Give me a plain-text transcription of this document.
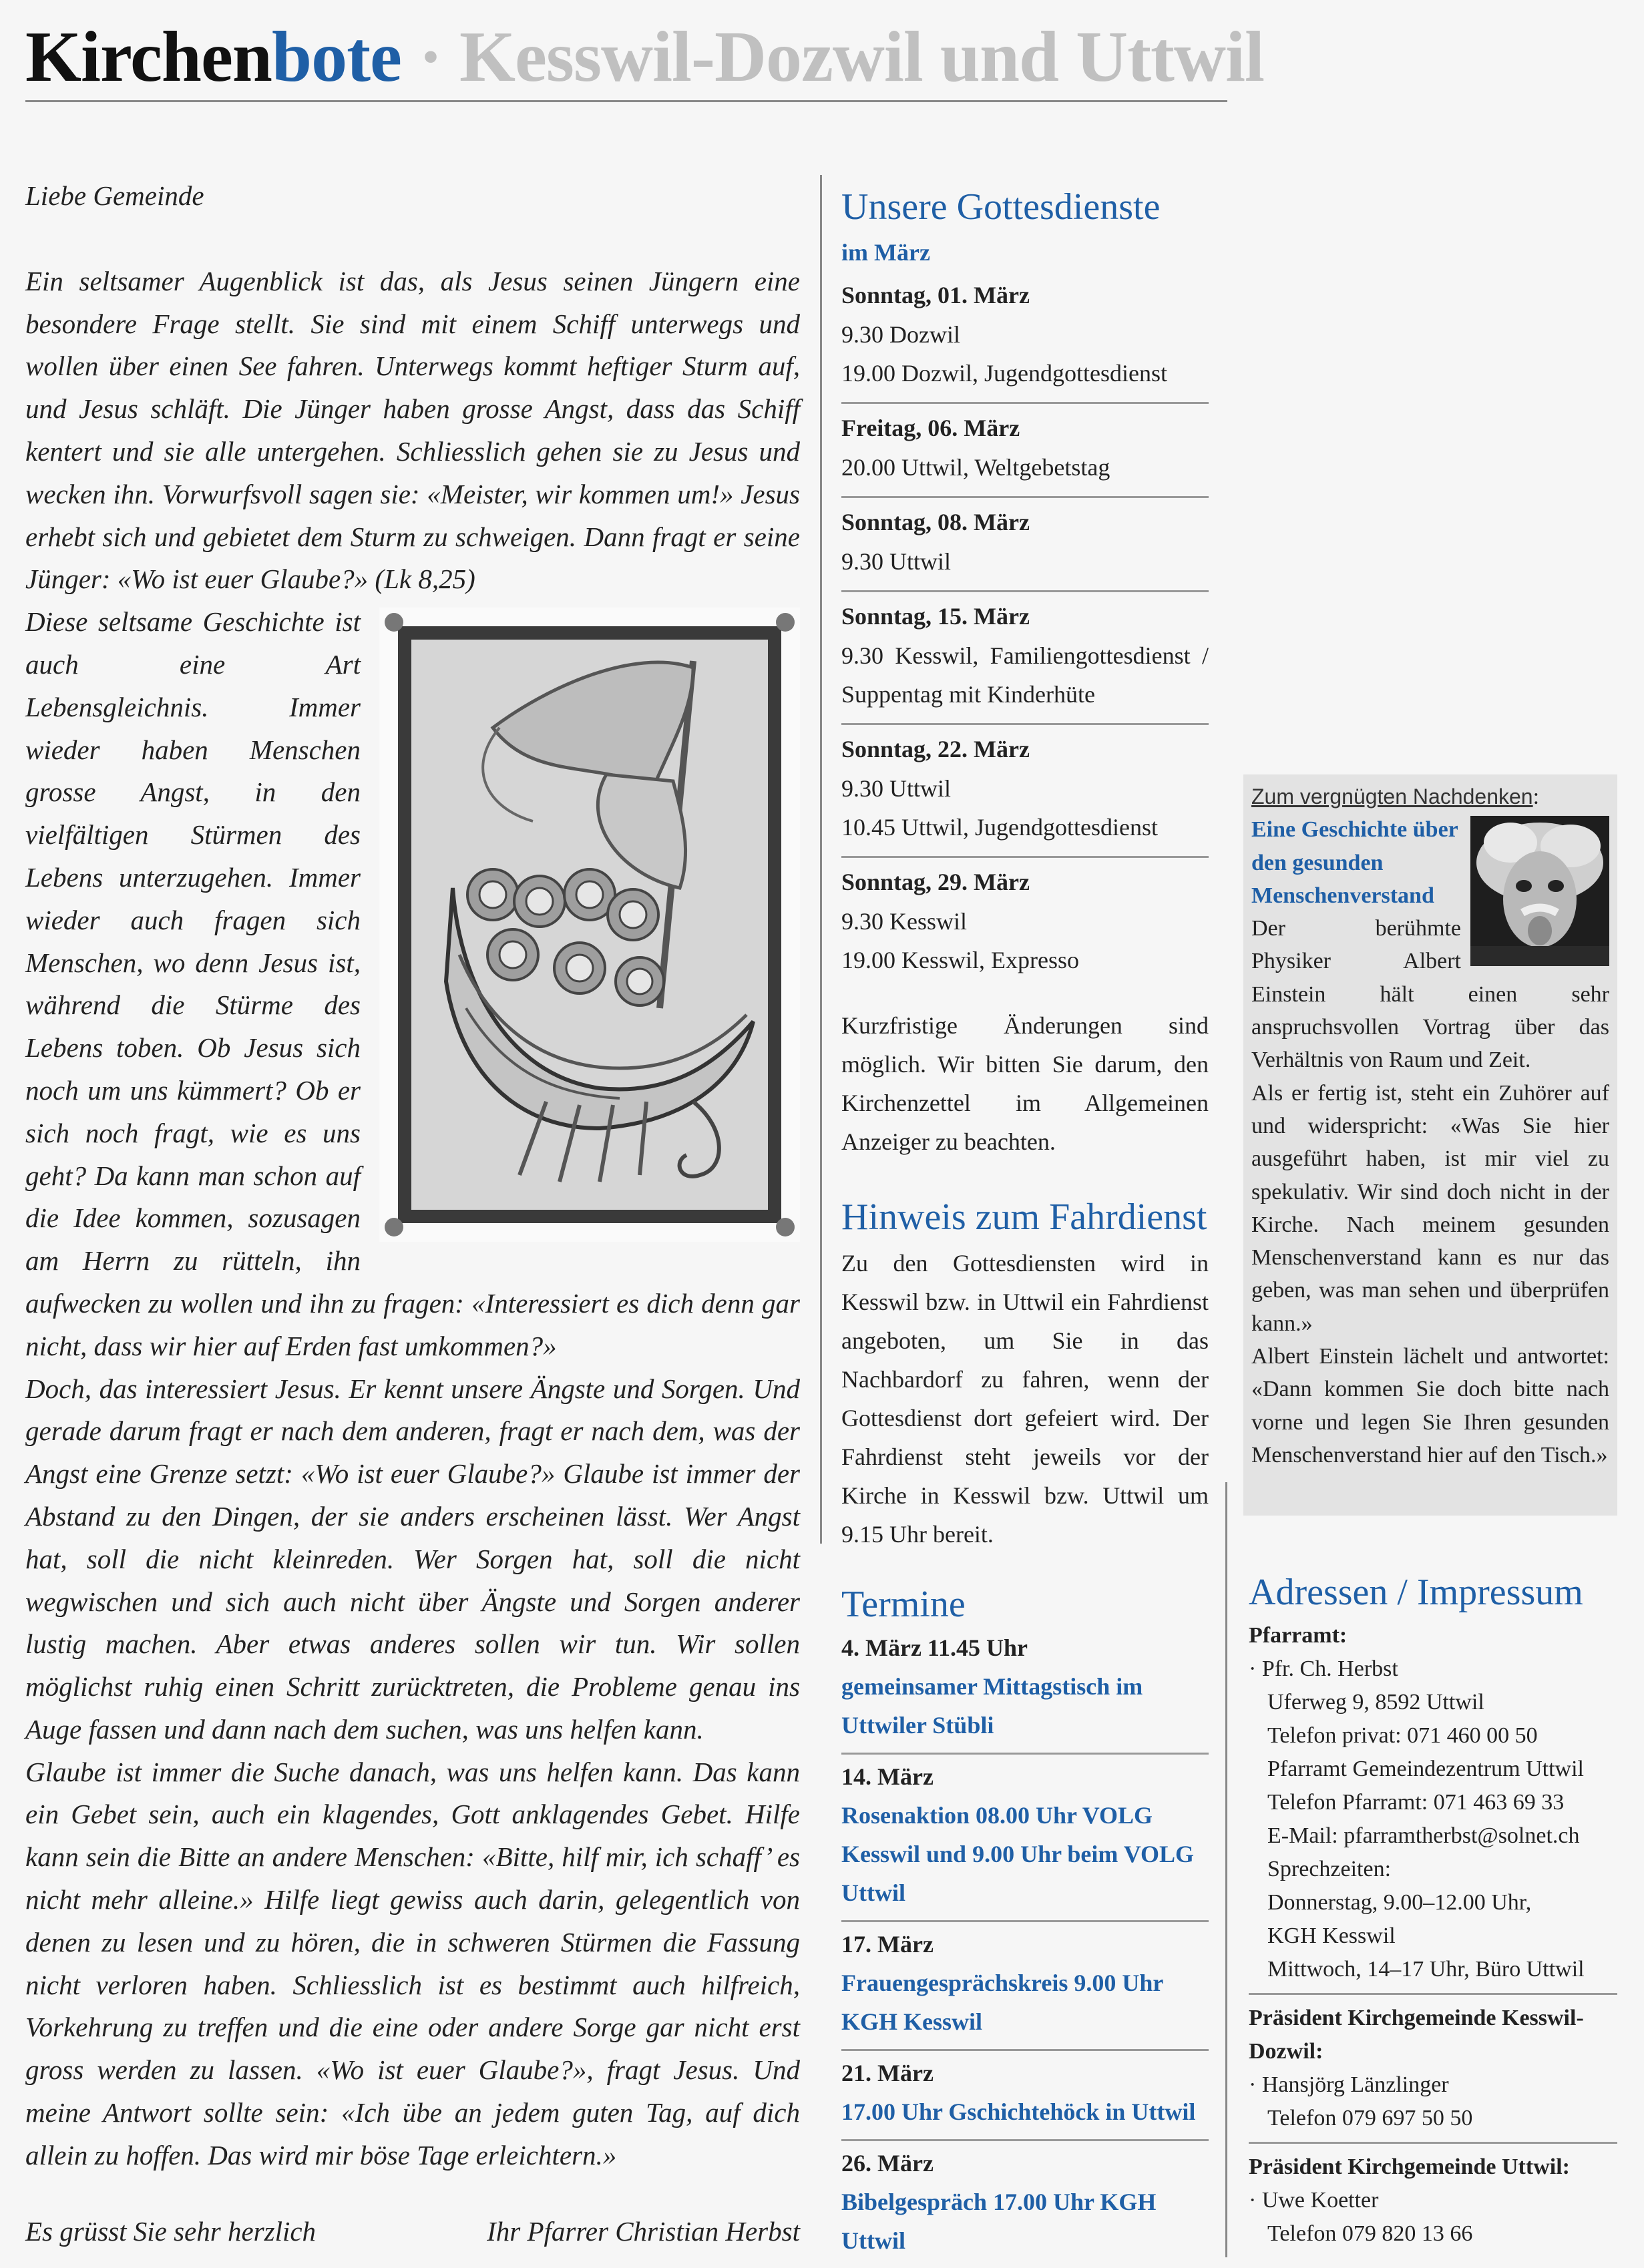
Kirchenbote · Kesswil-Dozwil und Uttwil

Liebe Gemeinde

Ein seltsamer Augenblick ist das, als Jesus seinen Jüngern eine besondere Frage stellt. Sie sind mit einem Schiff unterwegs und wollen über einen See fahren. Unterwegs kommt heftiger Sturm auf, und Jesus schläft. Die Jünger haben grosse Angst, dass das Schiff kentert und sie alle untergehen. Schliesslich gehen sie zu Jesus und wecken ihn. Vorwurfsvoll sagen sie: «Meister, wir kommen um!» Jesus erhebt sich und gebietet dem Sturm zu schweigen. Dann fragt er seine Jünger: «Wo ist euer Glaube?» (Lk 8,25)

Diese seltsame Geschichte ist auch eine Art Lebensgleichnis. Immer wieder haben Menschen grosse Angst, in den vielfältigen Stürmen des Lebens unterzugehen. Immer wieder auch fragen sich Menschen, wo denn Jesus ist, während die Stürme des Lebens toben. Ob Jesus sich noch um uns kümmert? Ob er sich noch fragt, wie es uns geht? Da kann man schon auf die Idee kommen, sozusagen am Herrn zu rütteln, ihn aufwecken zu wollen und ihn zu fragen: «Interessiert es dich denn gar nicht, dass wir hier auf Erden fast umkommen?»

Doch, das interessiert Jesus. Er kennt unsere Ängste und Sorgen. Und gerade darum fragt er nach dem anderen, fragt er nach dem, was der Angst eine Grenze setzt: «Wo ist euer Glaube?» Glaube ist immer der Abstand zu den Dingen, der sie anders erscheinen lässt. Wer Angst hat, soll die nicht kleinreden. Wer Sorgen hat, soll die nicht wegwischen und sich auch nicht über Ängste und Sorgen anderer lustig machen. Aber etwas anderes sollen wir tun. Wir sollen möglichst ruhig einen Schritt zurücktreten, die Probleme genau ins Auge fassen und dann nach dem suchen, was uns helfen kann.

Glaube ist immer die Suche danach, was uns helfen kann. Das kann ein Gebet sein, auch ein klagendes, Gott anklagendes Gebet. Hilfe kann sein die Bitte an andere Menschen: «Bitte, hilf mir, ich schaff’ es nicht mehr alleine.» Hilfe liegt gewiss auch darin, gelegentlich von denen zu lesen und zu hören, die in schweren Stürmen die Fassung nicht verloren haben. Schliesslich ist es bestimmt auch hilfreich, Vorkehrung zu treffen und die eine oder andere Sorge gar nicht erst gross werden zu lassen. «Wo ist euer Glaube?», fragt Jesus. Und meine Antwort sollte sein: «Ich übe an jedem guten Tag, auf dich allein zu hoffen. Das wird mir böse Tage erleichtern.»

Es grüsst Sie sehr herzlich	Ihr Pfarrer Christian Herbst
Unsere Gottesdienste
im März
Sonntag, 01. März
9.30 Dozwil
19.00 Dozwil, Jugendgottesdienst
Freitag, 06. März
20.00 Uttwil, Weltgebetstag
Sonntag, 08. März
9.30 Uttwil
Sonntag, 15. März
9.30 Kesswil, Familiengottesdienst / Suppentag mit Kinderhüte
Sonntag, 22. März
9.30 Uttwil
10.45 Uttwil, Jugendgottesdienst
Sonntag, 29. März
9.30 Kesswil
19.00 Kesswil, Expresso

Kurzfristige Änderungen sind möglich. Wir bitten Sie darum, den Kirchenzettel im Allgemeinen Anzeiger zu beachten.

Hinweis zum Fahrdienst

Zu den Gottesdiensten wird in Kesswil bzw. in Uttwil ein Fahrdienst angeboten, um Sie in das Nachbardorf zu fahren, wenn der Gottesdienst dort gefeiert wird. Der Fahrdienst steht jeweils vor der Kirche in Kesswil bzw. Uttwil um 9.15 Uhr bereit.

Termine
4. März 11.45 Uhr
gemeinsamer Mittagstisch im Uttwiler Stübli
14. März
Rosenaktion 08.00 Uhr VOLG Kesswil und 9.00 Uhr beim VOLG Uttwil
17. März
Frauengesprächskreis 9.00 Uhr KGH Kesswil
21. März
17.00 Uhr Gschichtehöck in Uttwil
26. März
Bibelgespräch 17.00 Uhr KGH Uttwil
Zum vergnügten Nachdenken:
Eine Geschichte über den gesunden Menschenverstand

Der berühmte Physiker Albert Einstein hält einen sehr anspruchsvollen Vortrag über das Verhältnis von Raum und Zeit.

Als er fertig ist, steht ein Zuhörer auf und widerspricht: «Was Sie hier ausgeführt haben, ist mir viel zu spekulativ. Wir sind doch nicht in der Kirche. Nach meinem gesunden Menschenverstand kann es nur das geben, was man sehen und überprüfen kann.»

Albert Einstein lächelt und antwortet: «Dann kommen Sie doch bitte nach vorne und legen Sie Ihren gesunden Menschenverstand hier auf den Tisch.»

Adressen / Impressum
Pfarramt:
· Pfr. Ch. Herbst
Uferweg 9, 8592 Uttwil
Telefon privat: 071 460 00 50
Pfarramt Gemeindezentrum Uttwil
Telefon Pfarramt: 071 463 69 33
E-Mail: pfarramtherbst@solnet.ch
Sprechzeiten:
Donnerstag, 9.00–12.00 Uhr,
KGH Kesswil
Mittwoch, 14–17 Uhr, Büro Uttwil
Präsident Kirchgemeinde Kesswil-Dozwil:
· Hansjörg Länzlinger
Telefon 079 697 50 50
Präsident Kirchgemeinde Uttwil:
· Uwe Koetter
Telefon 079 820 13 66
